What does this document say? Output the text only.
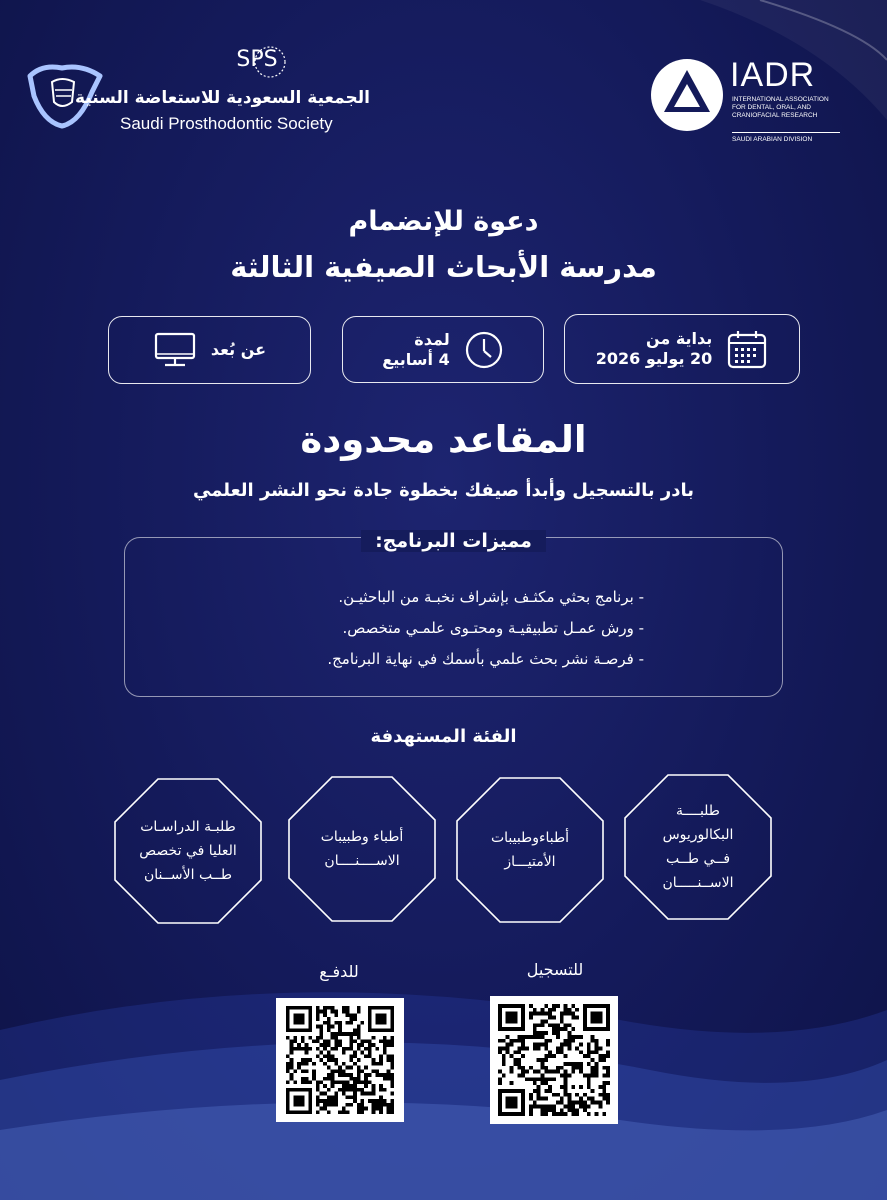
SPS
الجمعية السعودية للاستعاضة السنية
Saudi Prosthodontic Society
IADR
INTERNATIONAL ASSOCIATION
FOR DENTAL, ORAL, AND
CRANIOFACIAL RESEARCH
SAUDI ARABIAN DIVISION
دعوة للإنضمام
مدرسة الأبحاث الصيفية الثالثة
بداية من
20 يوليو 2026
لمدة
4 أسابيع
عن بُعد
المقاعد محدودة
بادر بالتسجيل وأبدأ صيفك بخطوة جادة نحو النشر العلمي
مميزات البرنامج:
- برنامج بحثي مكثـف بإشراف نخبـة من الباحثيـن.
- ورش عمـل تطبيقيـة ومحتـوى علمـي متخصص.
- فرصـة نشر بحث علمي بأسمك في نهاية البرنامج.
الفئة المستهدفة
طلبــــة
البكالوريوس
فــي طــب
الاســنـــــان
أطباءوطبيبات
الأمتيـــاز
أطباء وطبيبات
الاســــنــــان
طلبـة الدراسـات
العليا في تخصص
طــب الأســنان
للتسجيل
للدفـع
